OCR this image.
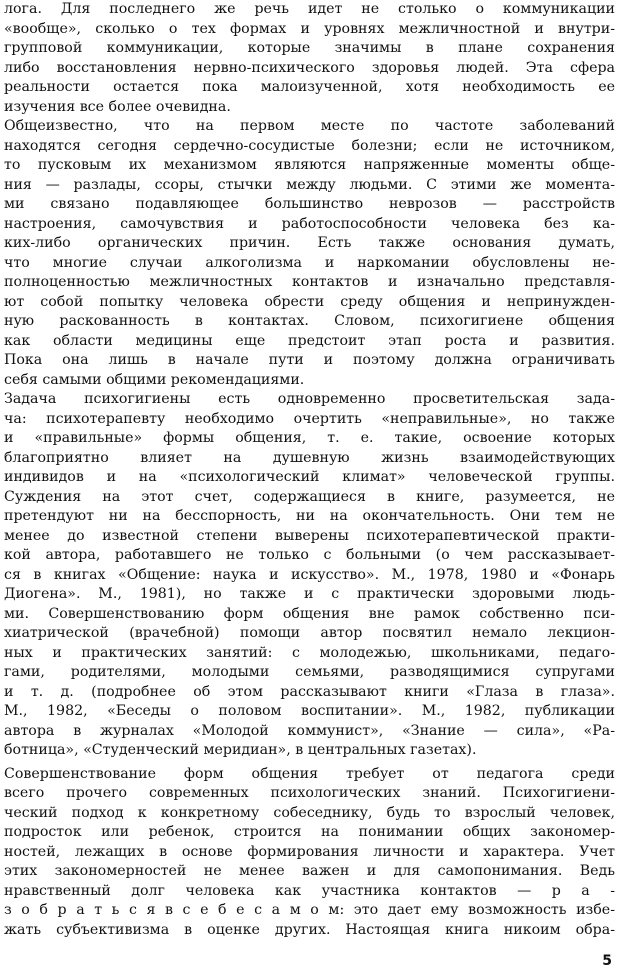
лога. Для последнего же речь идет не столько о коммуникации
«вообще», сколько о тех формах и уровнях межличностной и внутри-
групповой коммуникации, которые значимы в плане сохранения
либо восстановления нервно-психического здоровья людей. Эта сфера
реальности остается пока малоизученной, хотя необходимость ее
изучения все более очевидна.
Общеизвестно, что на первом месте по частоте заболеваний
находятся сегодня сердечно-сосудистые болезни; если не источником,
то пусковым их механизмом являются напряженные моменты обще-
ния — разлады, ссоры, стычки между людьми. С этими же момента-
ми связано подавляющее большинство неврозов — расстройств
настроения, самочувствия и работоспособности человека без ка-
ких-либо органических причин. Есть также основания думать,
что многие случаи алкоголизма и наркомании обусловлены не-
полноценностью межличностных контактов и изначально представля-
ют собой попытку человека обрести среду общения и непринужден-
ную раскованность в контактах. Словом, психогигиене общения
как области медицины еще предстоит этап роста и развития.
Пока она лишь в начале пути и поэтому должна ограничивать
себя самыми общими рекомендациями.
Задача психогигиены есть одновременно просветительская зада-
ча: психотерапевту необходимо очертить «неправильные», но также
и «правильные» формы общения, т. е. такие, освоение которых
благоприятно влияет на душевную жизнь взаимодействующих
индивидов и на «психологический климат» человеческой группы.
Суждения на этот счет, содержащиеся в книге, разумеется, не
претендуют ни на бесспорность, ни на окончательность. Они тем не
менее до известной степени выверены психотерапевтической практи-
кой автора, работавшего не только с больными (о чем рассказывает-
ся в книгах «Общение: наука и искусство». М., 1978, 1980 и «Фонарь
Диогена». М., 1981), но также и с практически здоровыми людь-
ми. Совершенствованию форм общения вне рамок собственно пси-
хиатрической (врачебной) помощи автор посвятил немало лекцион-
ных и практических занятий: с молодежью, школьниками, педаго-
гами, родителями, молодыми семьями, разводящимися супругами
и т. д. (подробнее об этом рассказывают книги «Глаза в глаза».
М., 1982, «Беседы о половом воспитании». М., 1982, публикации
автора в журналах «Молодой коммунист», «Знание — сила», «Ра-
ботница», «Студенческий меридиан», в центральных газетах).
Совершенствование форм общения требует от педагога среди
всего прочего современных психологических знаний. Психогигиени-
ческий подход к конкретному собеседнику, будь то взрослый человек,
подросток или ребенок, строится на понимании общих закономер-
ностей, лежащих в основе формирования личности и характера. Учет
этих закономерностей не менее важен и для самопонимания. Ведь
нравственный долг человека как участника контактов — р а -
з о б р а т ь с я в с е б е с а м о м: это дает ему возможность избе-
жать субъективизма в оценке других. Настоящая книга никоим обра-
5
